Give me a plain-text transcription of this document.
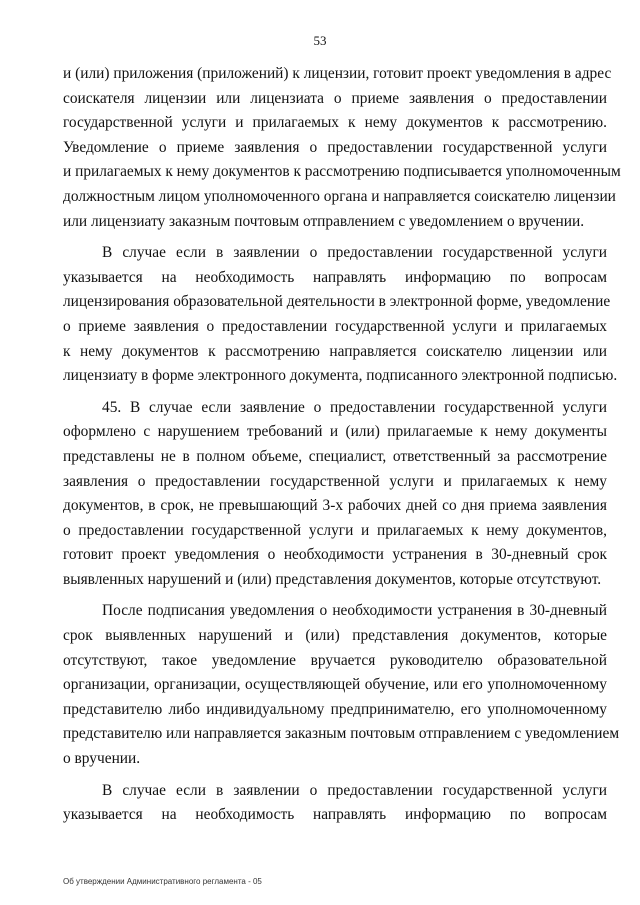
53
и (или) приложения (приложений) к лицензии, готовит проект уведомления в адрес
соискателя лицензии или лицензиата о приеме заявления о предоставлении
государственной услуги и прилагаемых к нему документов к рассмотрению.
Уведомление о приеме заявления о предоставлении государственной услуги
и прилагаемых к нему документов к рассмотрению подписывается уполномоченным
должностным лицом уполномоченного органа и направляется соискателю лицензии
или лицензиату заказным почтовым отправлением с уведомлением о вручении.
В случае если в заявлении о предоставлении государственной услуги
указывается на необходимость направлять информацию по вопросам
лицензирования образовательной деятельности в электронной форме, уведомление
о приеме заявления о предоставлении государственной услуги и прилагаемых
к нему документов к рассмотрению направляется соискателю лицензии или
лицензиату в форме электронного документа, подписанного электронной подписью.
45. В случае если заявление о предоставлении государственной услуги
оформлено с нарушением требований и (или) прилагаемые к нему документы
представлены не в полном объеме, специалист, ответственный за рассмотрение
заявления о предоставлении государственной услуги и прилагаемых к нему
документов, в срок, не превышающий 3-х рабочих дней со дня приема заявления
о предоставлении государственной услуги и прилагаемых к нему документов,
готовит проект уведомления о необходимости устранения в 30-дневный срок
выявленных нарушений и (или) представления документов, которые отсутствуют.
После подписания уведомления о необходимости устранения в 30-дневный
срок выявленных нарушений и (или) представления документов, которые
отсутствуют, такое уведомление вручается руководителю образовательной
организации, организации, осуществляющей обучение, или его уполномоченному
представителю либо индивидуальному предпринимателю, его уполномоченному
представителю или направляется заказным почтовым отправлением с уведомлением
о вручении.
В случае если в заявлении о предоставлении государственной услуги
указывается на необходимость направлять информацию по вопросам
Об утверждении Административного регламента - 05
